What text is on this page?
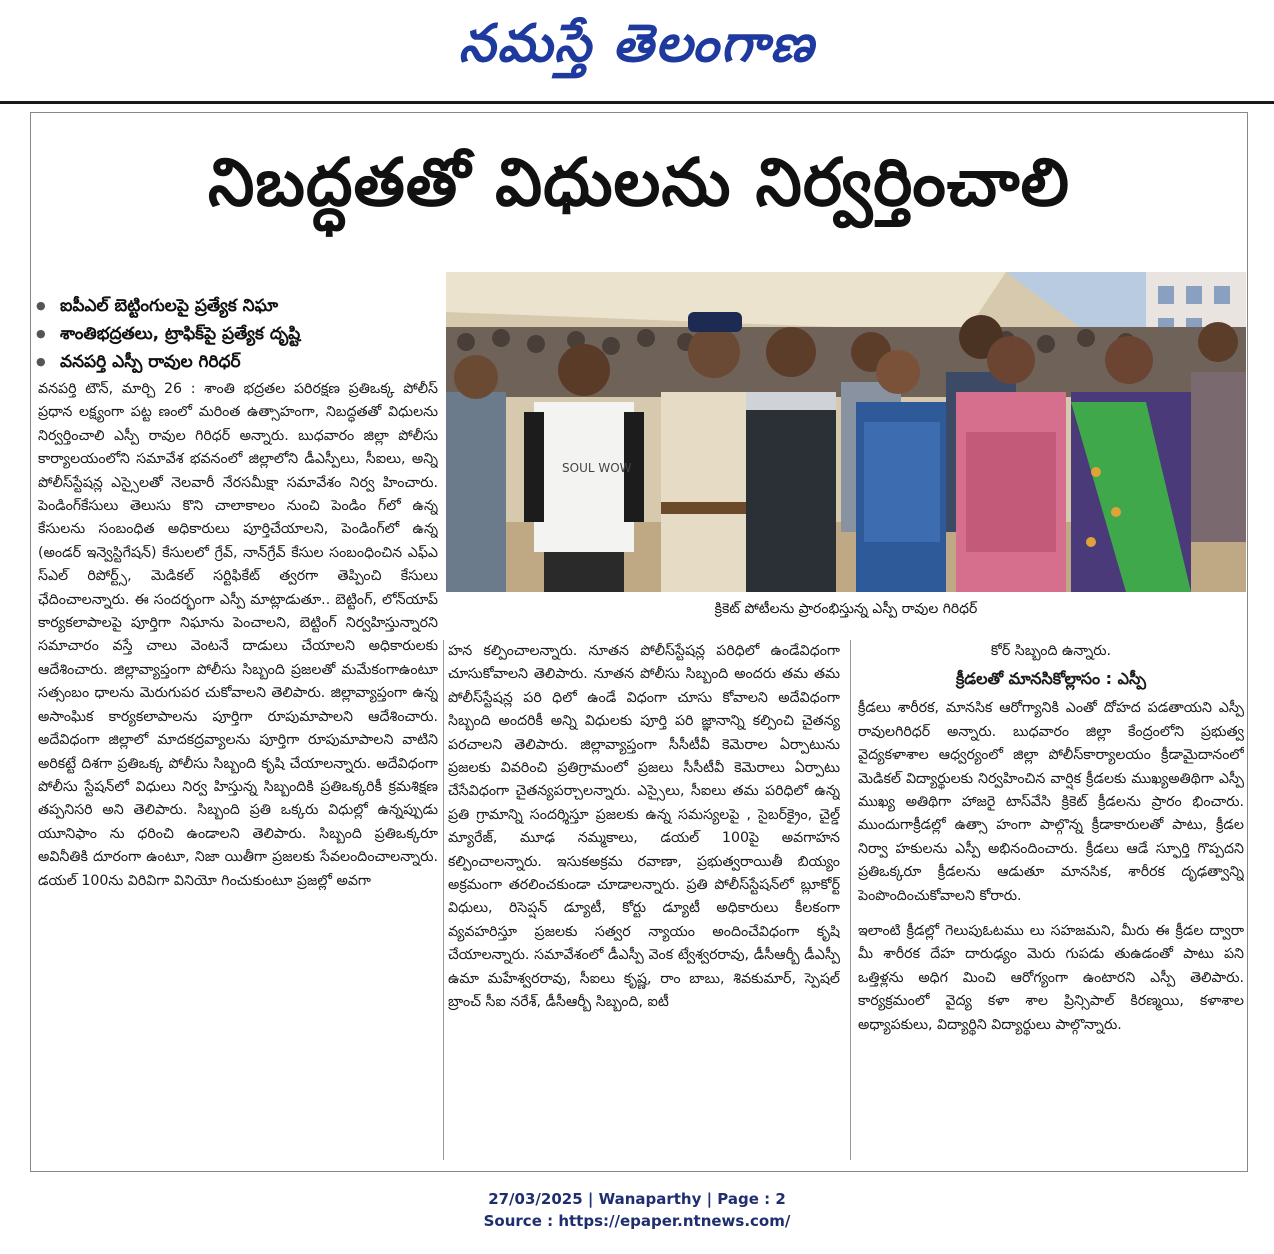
నమస్తే తెలంగాణ
నిబద్ధతతో విధులను నిర్వర్తించాలి
● ఐపీఎల్ బెట్టింగులపై ప్రత్యేక నిఘా
● శాంతిభద్రతలు, ట్రాఫిక్‌పై ప్రత్యేక దృష్టి
● వనపర్తి ఎస్పీ రావుల గిరిధర్
SOUL WOW
క్రికెట్ పోటీలను ప్రారంభిస్తున్న ఎస్పీ రావుల గిరిధర్

వనపర్తి టౌన్, మార్చి 26 : శాంతి భద్రతల పరిరక్షణ ప్రతిఒక్క పోలీస్ ప్రధాన లక్ష్యంగా పట్ట ణంలో మరింత ఉత్సాహంగా, నిబద్ధతతో విధులను నిర్వర్తించాలి ఎస్పీ రావుల గిరిధర్ అన్నారు. బుధవారం జిల్లా పోలీసు కార్యాలయంలోని సమావేశ భవనంలో జిల్లాలోని డీఎస్పీలు, సీఐలు, అన్ని పోలీస్‌స్టేషన్ల ఎస్సైలతో నెలవారీ నేరసమీక్షా సమావేశం నిర్వ హించారు. పెండింగ్‌కేసులు తెలుసు కొని చాలాకాలం నుంచి పెండిం గ్‌లో ఉన్న కేసులను సంబంధిత అధికారులు పూర్తిచేయాలని, పెండింగ్‌లో ఉన్న (అండర్ ఇన్వెస్టిగేషన్) కేసులలో గ్రేవ్, నాన్‌గ్రేవ్ కేసుల సంబంధించిన ఎఫ్ఎ స్‌ఎల్ రిపోర్ట్స్, మెడికల్ సర్టిఫికేట్ త్వరగా తెప్పించి కేసులు ఛేదించాలన్నారు. ఈ సందర్భంగా ఎస్పీ మాట్లాడుతూ.. బెట్టింగ్, లోన్‌యాప్ కార్యకలాపాలపై పూర్తిగా నిఘాను పెంచాలని, బెట్టింగ్ నిర్వహిస్తున్నారని సమాచారం వస్తే చాలు వెంటనే దాడులు చేయాలని అధికారులకు ఆదేశించారు. జిల్లావ్యాప్తంగా పోలీసు సిబ్బంది ప్రజలతో మమేకంగాఉంటూ సత్సంబం ధాలను మెరుగుపర చుకోవాలని తెలిపారు. జిల్లావ్యాప్తంగా ఉన్న అసాంఘిక కార్యకలాపాలను పూర్తిగా రూపుమాపాలని ఆదేశించారు. అదేవిధంగా జిల్లాలో మాదకద్రవ్యాలను పూర్తిగా రూపుమాపాలని వాటిని అరికట్టే దిశగా ప్రతిఒక్క పోలీసు సిబ్బంది కృషి చేయాలన్నారు. అదేవిధంగా పోలీసు స్టేషన్‌లో విధులు నిర్వ హిస్తున్న సిబ్బందికి ప్రతిఒక్కరికీ క్రమశిక్షణ తప్పనిసరి అని తెలిపారు. సిబ్బంది ప్రతి ఒక్కరు విధుల్లో ఉన్నప్పుడు యూనిఫాం ను ధరించి ఉండాలని తెలిపారు. సిబ్బంది ప్రతిఒక్కరూ అవినీతికి దూరంగా ఉంటూ, నిజా యితీగా ప్రజలకు సేవలందించాలన్నారు. డయల్ 100ను విరివిగా వినియో గించుకుంటూ ప్రజల్లో అవగా

హన కల్పించాలన్నారు. నూతన పోలీస్‌స్టేషన్ల పరిధిలో ఉండేవిధంగా చూసుకోవాలని తెలిపారు. నూతన పోలీసు సిబ్బంది అందరు తమ తమ పోలీస్‌స్టేషన్ల పరి ధిలో ఉండే విధంగా చూసు కోవాలని అదేవిధంగా సిబ్బంది అందరికీ అన్ని విధులకు పూర్తి పరి జ్ఞానాన్ని కల్పించి చైతన్య పరచాలని తెలిపారు. జిల్లావ్యాప్తంగా సీసీటీవీ కెమెరాల ఏర్పాటును ప్రజలకు వివరించి ప్రతిగ్రామంలో ప్రజలు సీసీటీవీ కెమెరాలు ఏర్పాటు చేసేవిధంగా చైతన్యపర్చాలన్నారు. ఎస్సైలు, సీఐలు తమ పరిధిలో ఉన్న ప్రతి గ్రామాన్ని సందర్శిస్తూ ప్రజలకు ఉన్న సమస్యలపై , సైబర్‌క్రైం, చైల్డ్ మ్యారేజ్, మూఢ నమ్మకాలు, డయల్ 100పై అవగాహన కల్పించాలన్నారు. ఇసుకఅక్రమ రవాణా, ప్రభుత్వరాయితీ బియ్యం అక్రమంగా తరలించకుండా చూడాలన్నారు. ప్రతి పోలీస్‌స్టేషన్‌లో బ్లూకోర్ట్ విధులు, రిసెప్షన్ డ్యూటీ, కోర్టు డ్యూటీ అధికారులు కీలకంగా వ్యవహరిస్తూ ప్రజలకు సత్వర న్యాయం అందించేవిధంగా కృషి చేయాలన్నారు. సమావేశంలో డీఎస్పీ వెంక ట్వేశ్వరరావు, డీసీఆర్బీ డీఎస్పీ ఉమా మహేశ్వరరావు, సీఐలు కృష్ణ, రాం బాబు, శివకుమార్, స్పెషల్ బ్రాంచ్ సీఐ నరేశ్, డీసీఆర్బీ సిబ్బంది, ఐటీ

కోర్ సిబ్బంది ఉన్నారు.

క్రీడలతో మానసికోల్లాసం : ఎస్పీ

క్రీడలు శారీరక, మానసిక ఆరోగ్యానికి ఎంతో దోహద పడతాయని ఎస్పీ రావులగిరిధర్ అన్నారు. బుధవారం జిల్లా కేంద్రంలోని ప్రభుత్వ వైద్యకళాశాల ఆధ్వర్యంలో జిల్లా పోలీస్‌కార్యాలయం క్రీడామైదానంలో మెడికల్ విద్యార్థులకు నిర్వహించిన వార్షిక క్రీడలకు ముఖ్యఅతిథిగా ఎస్పీ ముఖ్య అతిథిగా హాజరై టాస్‌వేసి క్రికెట్ క్రీడలను ప్రారం భించారు. ముందుగాక్రీడల్లో ఉత్సా హంగా పాల్గొన్న క్రీడాకారులతో పాటు, క్రీడల నిర్వా హకులను ఎస్పీ అభినందించారు. క్రీడలు ఆడే స్ఫూర్తి గొప్పదని ప్రతిఒక్కరూ క్రీడలను ఆడుతూ మానసిక, శారీరక దృఢత్వాన్ని పెంపొందించుకోవాలని కోరారు.

ఇలాంటి క్రీడల్లో గెలుపుఓటము లు సహజమని, మీరు ఈ క్రీడల ద్వారా మీ శారీరక దేహ దారుఢ్యం మెరు గుపడు తుఉడంతో పాటు పని ఒత్తిళ్లను అధిగ మించి ఆరోగ్యంగా ఉంటారని ఎస్పీ తెలిపారు. కార్యక్రమంలో వైద్య కళా శాల ప్రిన్సిపాల్ కిరణ్మయి, కళాశాల అధ్యాపకులు, విద్యార్థిని విద్యార్థులు పాల్గొన్నారు.

27/03/2025 | Wanaparthy | Page : 2
Source : https://epaper.ntnews.com/
